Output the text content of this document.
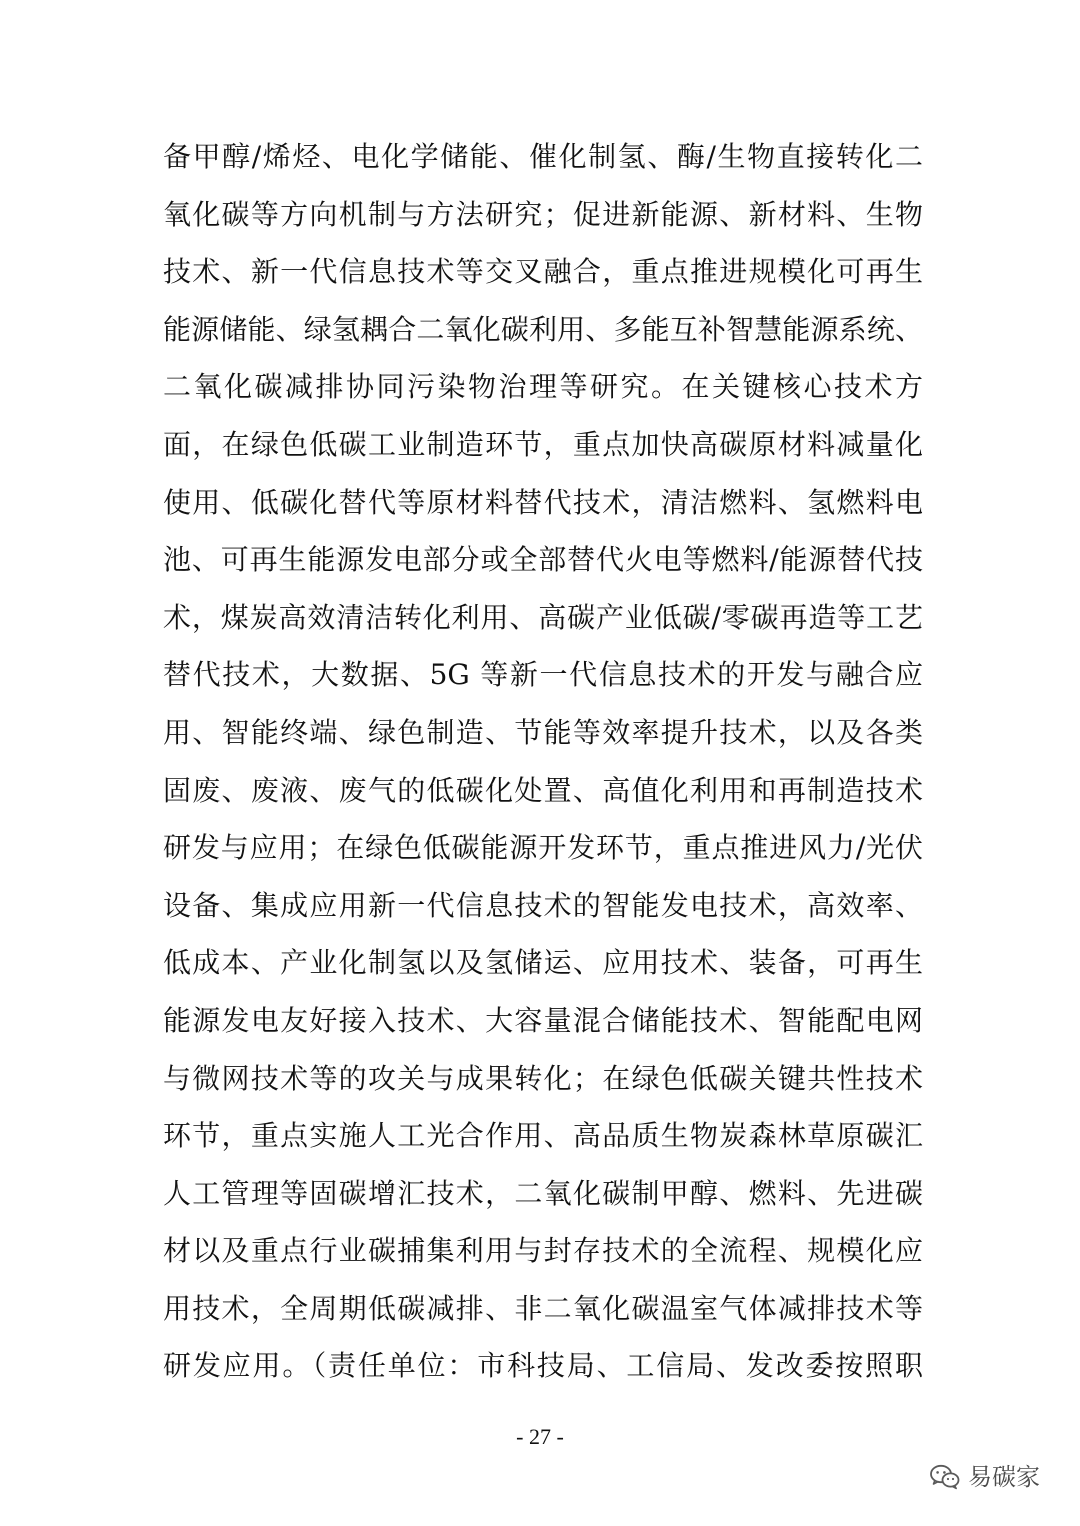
备甲醇/烯烃、电化学储能、催化制氢、酶/生物直接转化二
氧化碳等方向机制与方法研究；促进新能源、新材料、生物
技术、新一代信息技术等交叉融合，重点推进规模化可再生
能源储能、绿氢耦合二氧化碳利用、多能互补智慧能源系统、
二氧化碳减排协同污染物治理等研究。在关键核心技术方
面，在绿色低碳工业制造环节，重点加快高碳原材料减量化
使用、低碳化替代等原材料替代技术，清洁燃料、氢燃料电
池、可再生能源发电部分或全部替代火电等燃料/能源替代技
术，煤炭高效清洁转化利用、高碳产业低碳/零碳再造等工艺
替代技术，大数据、5G 等新一代信息技术的开发与融合应
用、智能终端、绿色制造、节能等效率提升技术，以及各类
固废、废液、废气的低碳化处置、高值化利用和再制造技术
研发与应用；在绿色低碳能源开发环节，重点推进风力/光伏
设备、集成应用新一代信息技术的智能发电技术，高效率、
低成本、产业化制氢以及氢储运、应用技术、装备，可再生
能源发电友好接入技术、大容量混合储能技术、智能配电网
与微网技术等的攻关与成果转化；在绿色低碳关键共性技术
环节，重点实施人工光合作用、高品质生物炭森林草原碳汇
人工管理等固碳增汇技术，二氧化碳制甲醇、燃料、先进碳
材以及重点行业碳捕集利用与封存技术的全流程、规模化应
用技术，全周期低碳减排、非二氧化碳温室气体减排技术等
研发应用。（责任单位：市科技局、工信局、发改委按照职
- 27 -
易碳家
